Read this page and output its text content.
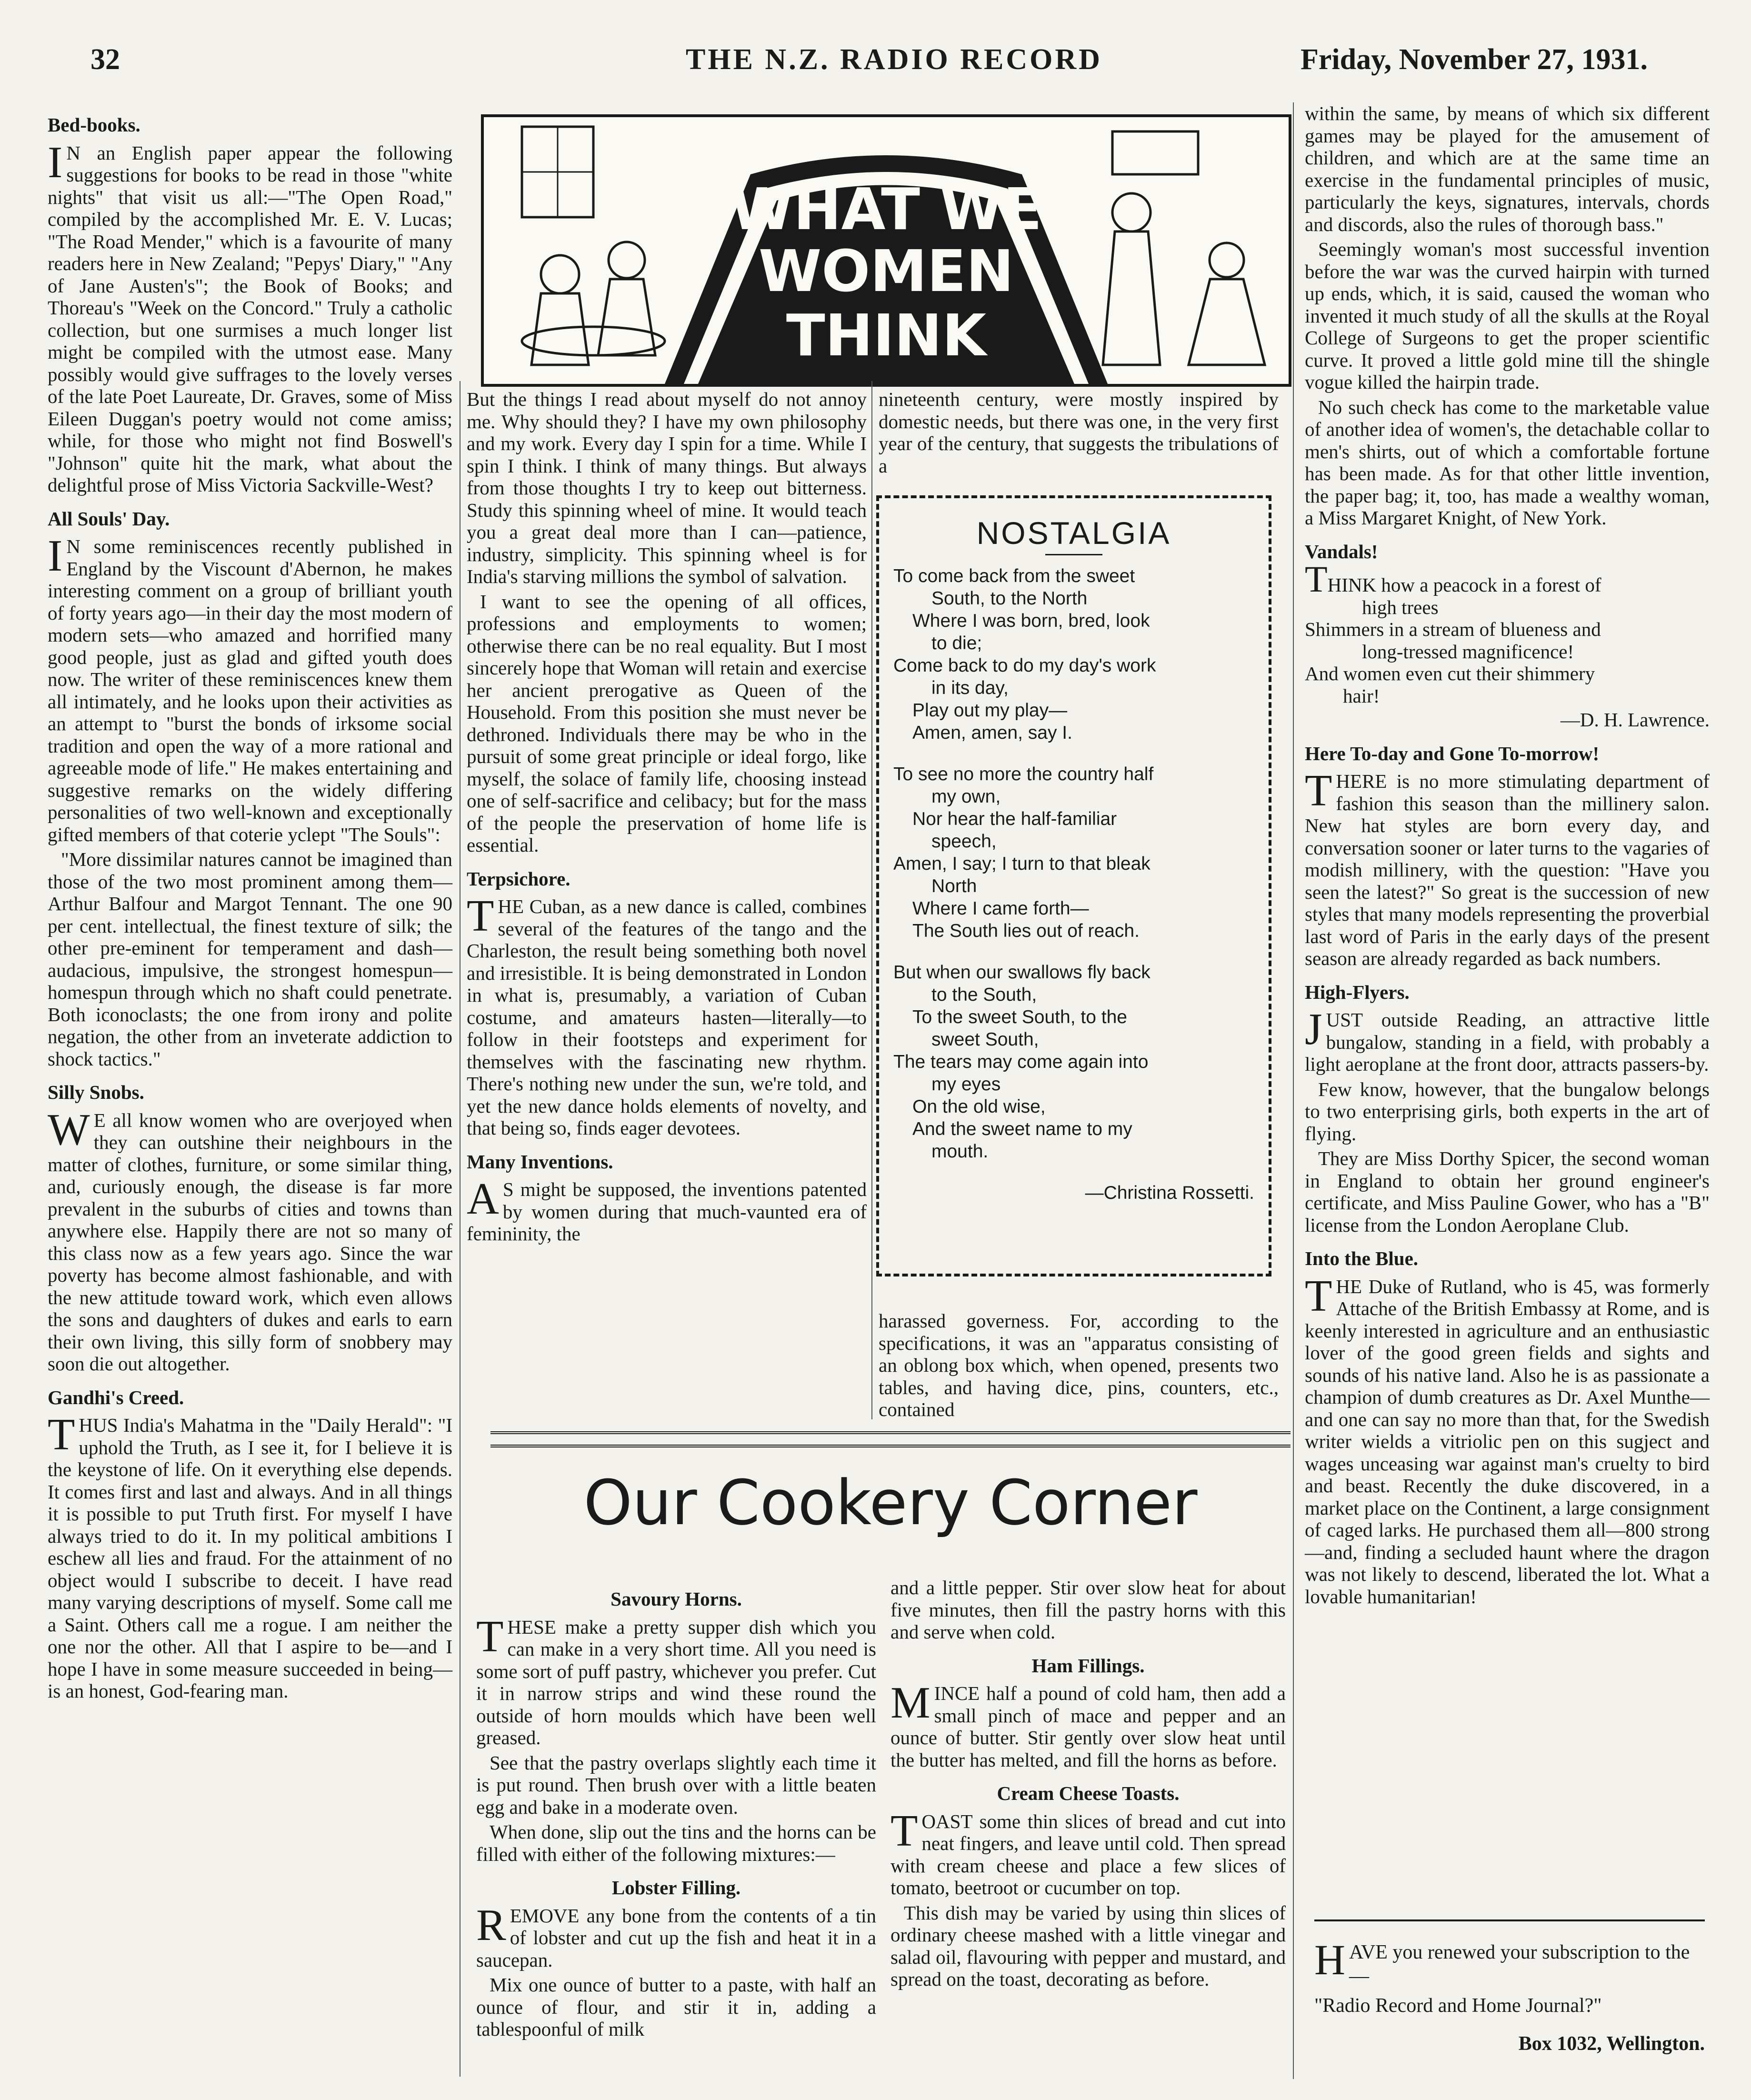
32	THE N.Z. RADIO RECORD	Friday, November 27, 1931.
Bed-books.

I N an English paper appear the following suggestions for books to be read in those "white nights" that visit us all:—"The Open Road," compiled by the accomplished Mr. E. V. Lucas; "The Road Mender," which is a favourite of many readers here in New Zealand; "Pepys' Diary," "Any of Jane Austen's"; the Book of Books; and Thoreau's "Week on the Concord." Truly a catholic collection, but one surmises a much longer list might be compiled with the utmost ease. Many possibly would give suffrages to the lovely verses of the late Poet Laureate, Dr. Graves, some of Miss Eileen Duggan's poetry would not come amiss; while, for those who might not find Boswell's "Johnson" quite hit the mark, what about the delightful prose of Miss Victoria Sackville-West?

All Souls' Day.

I N some reminiscences recently published in England by the Viscount d'Abernon, he makes interesting comment on a group of brilliant youth of forty years ago—in their day the most modern of modern sets—who amazed and horrified many good people, just as glad and gifted youth does now. The writer of these reminiscences knew them all intimately, and he looks upon their activities as an attempt to "burst the bonds of irksome social tradition and open the way of a more rational and agreeable mode of life." He makes entertaining and suggestive remarks on the widely differing personalities of two well-known and exceptionally gifted members of that coterie yclept "The Souls":

"More dissimilar natures cannot be imagined than those of the two most prominent among them—Arthur Balfour and Margot Tennant. The one 90 per cent. intellectual, the finest texture of silk; the other pre-eminent for temperament and dash—audacious, impulsive, the strongest homespun—homespun through which no shaft could penetrate. Both iconoclasts; the one from irony and polite negation, the other from an inveterate addiction to shock tactics."

Silly Snobs.

W E all know women who are overjoyed when they can outshine their neighbours in the matter of clothes, furniture, or some similar thing, and, curiously enough, the disease is far more prevalent in the suburbs of cities and towns than anywhere else. Happily there are not so many of this class now as a few years ago. Since the war poverty has become almost fashionable, and with the new attitude toward work, which even allows the sons and daughters of dukes and earls to earn their own living, this silly form of snobbery may soon die out altogether.

Gandhi's Creed.

THUS India's Mahatma in the "Daily Herald": "I uphold the Truth, as I see it, for I believe it is the keystone of life. On it everything else depends. It comes first and last and always. And in all things it is possible to put Truth first. For myself I have always tried to do it. In my political ambitions I eschew all lies and fraud. For the attainment of no object would I subscribe to deceit. I have read many varying descriptions of myself. Some call me a Saint. Others call me a rogue. I am neither the one nor the other. All that I aspire to be—and I hope I have in some measure succeeded in being—is an honest, God-fearing man.

WHAT WE
WOMEN
THINK

But the things I read about myself do not annoy me. Why should they? I have my own philosophy and my work. Every day I spin for a time. While I spin I think. I think of many things. But always from those thoughts I try to keep out bitterness. Study this spinning wheel of mine. It would teach you a great deal more than I can—patience, industry, simplicity. This spinning wheel is for India's starving millions the symbol of salvation.

I want to see the opening of all offices, professions and employments to women; otherwise there can be no real equality. But I most sincerely hope that Woman will retain and exercise her ancient prerogative as Queen of the Household. From this position she must never be dethroned. Individuals there may be who in the pursuit of some great principle or ideal forgo, like myself, the solace of family life, choosing instead one of self-sacrifice and celibacy; but for the mass of the people the preservation of home life is essential.

Terpsichore.

THE Cuban, as a new dance is called, combines several of the features of the tango and the Charleston, the result being something both novel and irresistible. It is being demonstrated in London in what is, presumably, a variation of Cuban costume, and amateurs hasten—literally—to follow in their footsteps and experiment for themselves with the fascinating new rhythm. There's nothing new under the sun, we're told, and yet the new dance holds elements of novelty, and that being so, finds eager devotees.

Many Inventions.

A S might be supposed, the inventions patented by women during that much-vaunted era of femininity, the

nineteenth century, were mostly inspired by domestic needs, but there was one, in the very first year of the century, that suggests the tribulations of a

NOSTALGIA
To come back from the sweet
South, to the North
Where I was born, bred, look
to die;
Come back to do my day's work
in its day,
Play out my play—
Amen, amen, say I.
To see no more the country half
my own,
Nor hear the half-familiar
speech,
Amen, I say; I turn to that bleak
North
Where I came forth—
The South lies out of reach.
But when our swallows fly back
to the South,
To the sweet South, to the
sweet South,
The tears may come again into
my eyes
On the old wise,
And the sweet name to my
mouth.
—Christina Rossetti.

harassed governess. For, according to the specifications, it was an "apparatus consisting of an oblong box which, when opened, presents two tables, and having dice, pins, counters, etc., contained

within the same, by means of which six different games may be played for the amusement of children, and which are at the same time an exercise in the fundamental principles of music, particularly the keys, signatures, intervals, chords and discords, also the rules of thorough bass."

Seemingly woman's most successful invention before the war was the curved hairpin with turned up ends, which, it is said, caused the woman who invented it much study of all the skulls at the Royal College of Surgeons to get the proper scientific curve. It proved a little gold mine till the shingle vogue killed the hairpin trade.

No such check has come to the marketable value of another idea of women's, the detachable collar to men's shirts, out of which a comfortable fortune has been made. As for that other little invention, the paper bag; it, too, has made a wealthy woman, a Miss Margaret Knight, of New York.

Vandals!
THINK how a peacock in a forest of
high trees
Shimmers in a stream of blueness and
long-tressed magnificence!
And women even cut their shimmery
hair!
—D. H. Lawrence.
Here To-day and Gone To-morrow!

THERE is no more stimulating department of fashion this season than the millinery salon. New hat styles are born every day, and conversation sooner or later turns to the vagaries of modish millinery, with the question: "Have you seen the latest?" So great is the succession of new styles that many models representing the proverbial last word of Paris in the early days of the present season are already regarded as back numbers.

High-Flyers.

JUST outside Reading, an attractive little bungalow, standing in a field, with probably a light aeroplane at the front door, attracts passers-by.

Few know, however, that the bungalow belongs to two enterprising girls, both experts in the art of flying.

They are Miss Dorthy Spicer, the second woman in England to obtain her ground engineer's certificate, and Miss Pauline Gower, who has a "B" license from the London Aeroplane Club.

Into the Blue.

THE Duke of Rutland, who is 45, was formerly Attache of the British Embassy at Rome, and is keenly interested in agriculture and an enthusiastic lover of the good green fields and sights and sounds of his native land. Also he is as passionate a champion of dumb creatures as Dr. Axel Munthe—and one can say no more than that, for the Swedish writer wields a vitriolic pen on this sugject and wages unceasing war against man's cruelty to bird and beast. Recently the duke discovered, in a market place on the Continent, a large consignment of caged larks. He purchased them all—800 strong—and, finding a secluded haunt where the dragon was not likely to descend, liberated the lot. What a lovable humanitarian!

Our Cookery Corner
Savoury Horns.

THESE make a pretty supper dish which you can make in a very short time. All you need is some sort of puff pastry, whichever you prefer. Cut it in narrow strips and wind these round the outside of horn moulds which have been well greased.

See that the pastry overlaps slightly each time it is put round. Then brush over with a little beaten egg and bake in a moderate oven.

When done, slip out the tins and the horns can be filled with either of the following mixtures:—

Lobster Filling.

REMOVE any bone from the contents of a tin of lobster and cut up the fish and heat it in a saucepan.

Mix one ounce of butter to a paste, with half an ounce of flour, and stir it in, adding a tablespoonful of milk

and a little pepper. Stir over slow heat for about five minutes, then fill the pastry horns with this and serve when cold.

Ham Fillings.

MINCE half a pound of cold ham, then add a small pinch of mace and pepper and an ounce of butter. Stir gently over slow heat until the butter has melted, and fill the horns as before.

Cream Cheese Toasts.

TOAST some thin slices of bread and cut into neat fingers, and leave until cold. Then spread with cream cheese and place a few slices of tomato, beetroot or cucumber on top.

This dish may be varied by using thin slices of ordinary cheese mashed with a little vinegar and salad oil, flavouring with pepper and mustard, and spread on the toast, decorating as before.	HAVE you renewed your subscription to the—
"Radio Record and Home Journal?"
Box 1032, Wellington.
